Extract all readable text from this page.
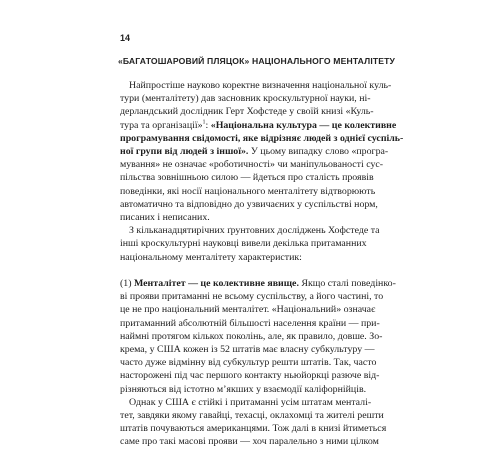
14
«БАГАТОШАРОВИЙ ПЛЯЦОК» НАЦІОНАЛЬНОГО МЕНТАЛІТЕТУ
Найпростіше науково коректне визначення національної куль-
тури (менталітету) дав засновник кроскультурної науки, ні-
дерландський дослідник Герт Хофстеде у своїй книзі «Куль-
тура та організації»$^1$: «Національна культура — це колективне
програмування свідомості, яке відрізняє людей з однієї суспіль-
ної групи від людей з іншої». У цьому випадку слово «програ-
мування» не означає «роботичності» чи маніпульованості сус-
пільства зовнішньою силою — йдеться про сталість проявів
поведінки, які носії національного менталітету відтворюють
автоматично та відповідно до узвичаєних у суспільстві норм,
писаних і неписаних.
З кільканадцятирічних ґрунтовних досліджень Хофстеде та
інші кроскультурні науковці вивели декілька притаманних
національному менталітету характеристик:
(1) Менталітет — це колективне явище. Якщо сталі поведінко-
ві прояви притаманні не всьому суспільству, а його частині, то
це не про національний менталітет. «Національний» означає
притаманний абсолютній більшості населення країни — при-
наймні протягом кількох поколінь, але, як правило, довше. Зо-
крема, у США кожен із 52 штатів має власну субкультуру —
часто дуже відмінну від субкультур решти штатів. Так, часто
насторожені під час першого контакту ньюйоркці разюче від-
різняються від істотно м’якших у взаємодії каліфорнійців.
Однак у США є стійкі і притаманні усім штатам менталі-
тет, завдяки якому гавайці, техасці, оклахомці та жителі решти
штатів почуваються американцями. Тож далі в книзі йтиметься
саме про такі масові прояви — хоч паралельно з ними цілком
